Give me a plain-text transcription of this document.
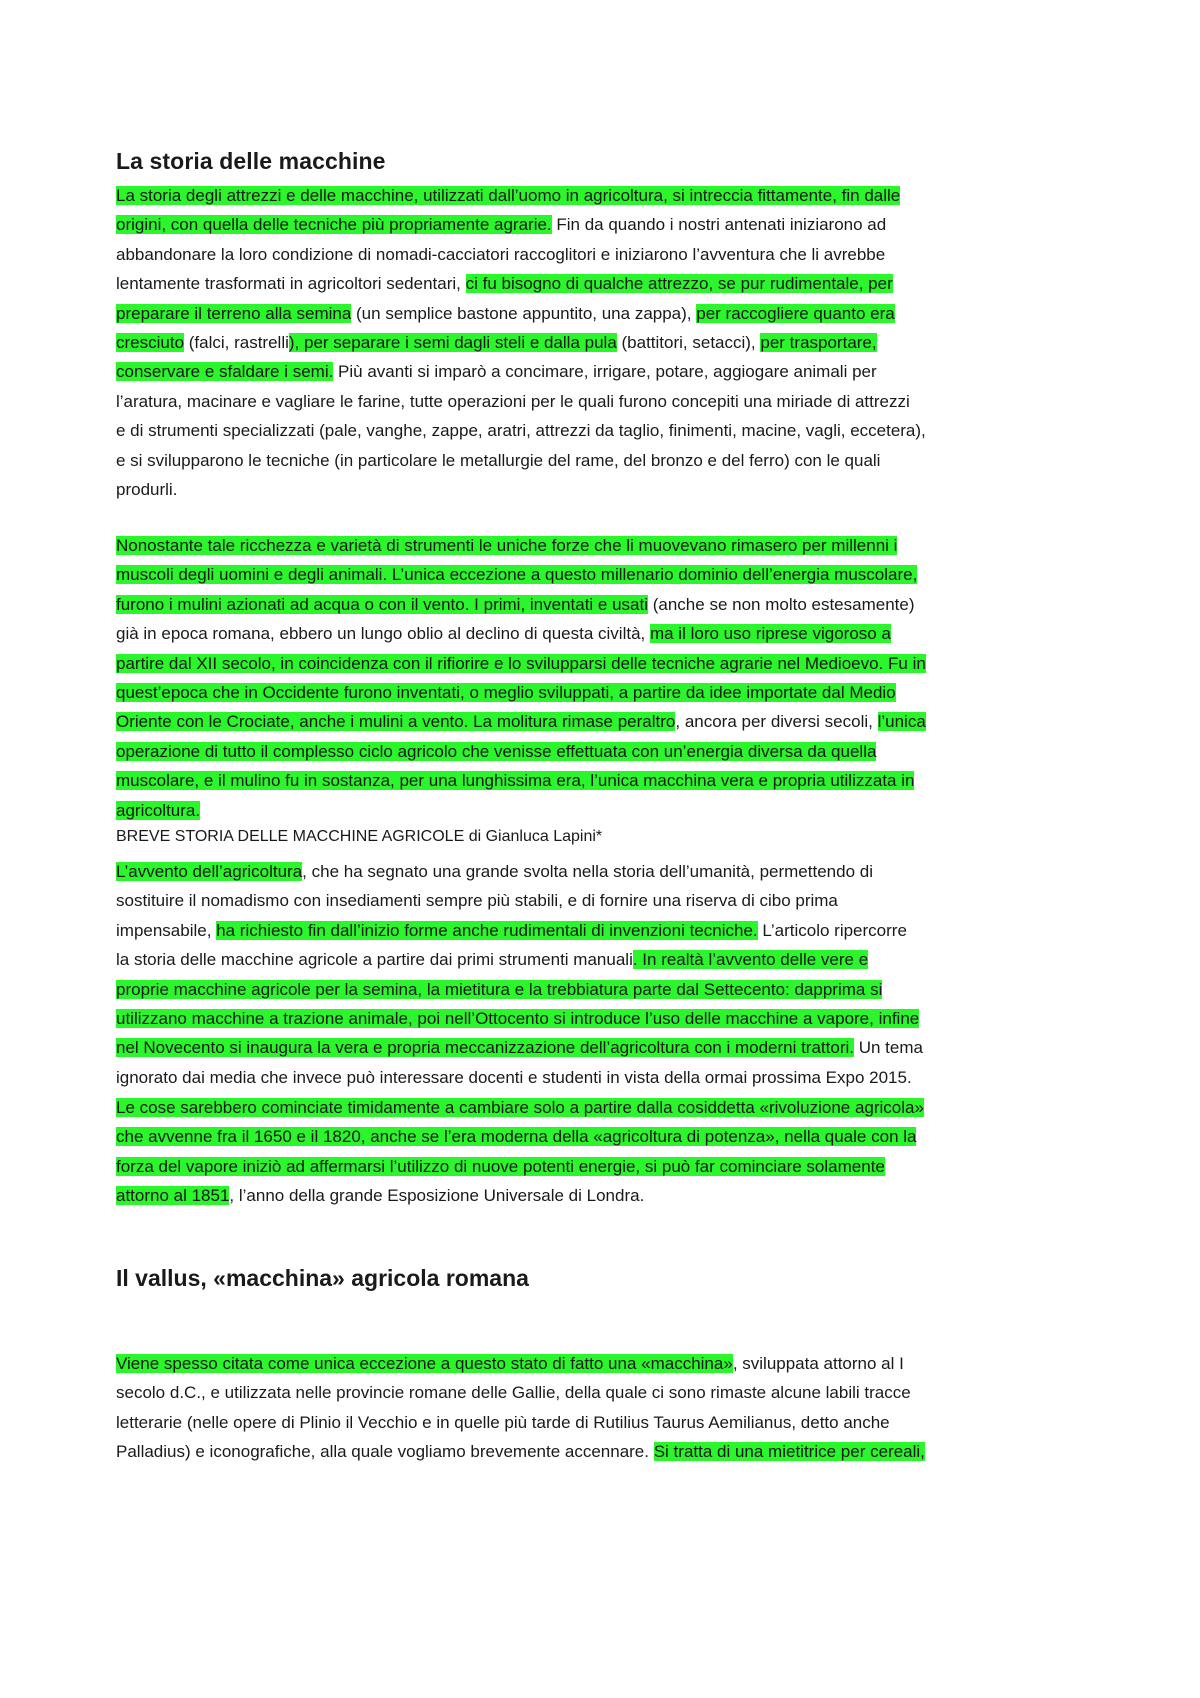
La storia delle macchine
La storia degli attrezzi e delle macchine, utilizzati dall’uomo in agricoltura, si intreccia fittamente, fin dalle
origini, con quella delle tecniche più propriamente agrarie. Fin da quando i nostri antenati iniziarono ad
abbandonare la loro condizione di nomadi-cacciatori raccoglitori e iniziarono l’avventura che li avrebbe
lentamente trasformati in agricoltori sedentari, ci fu bisogno di qualche attrezzo, se pur rudimentale, per
preparare il terreno alla semina (un semplice bastone appuntito, una zappa), per raccogliere quanto era
cresciuto (falci, rastrelli), per separare i semi dagli steli e dalla pula (battitori, setacci), per trasportare,
conservare e sfaldare i semi. Più avanti si imparò a concimare, irrigare, potare, aggiogare animali per
l’aratura, macinare e vagliare le farine, tutte operazioni per le quali furono concepiti una miriade di attrezzi
e di strumenti specializzati (pale, vanghe, zappe, aratri, attrezzi da taglio, finimenti, macine, vagli, eccetera),
e si svilupparono le tecniche (in particolare le metallurgie del rame, del bronzo e del ferro) con le quali
produrli.
Nonostante tale ricchezza e varietà di strumenti le uniche forze che li muovevano rimasero per millenni i
muscoli degli uomini e degli animali. L’unica eccezione a questo millenario dominio dell’energia muscolare,
furono i mulini azionati ad acqua o con il vento. I primi, inventati e usati (anche se non molto estesamente)
già in epoca romana, ebbero un lungo oblio al declino di questa civiltà, ma il loro uso riprese vigoroso a
partire dal XII secolo, in coincidenza con il rifiorire e lo svilupparsi delle tecniche agrarie nel Medioevo. Fu in
quest’epoca che in Occidente furono inventati, o meglio sviluppati, a partire da idee importate dal Medio
Oriente con le Crociate, anche i mulini a vento. La molitura rimase peraltro, ancora per diversi secoli, l’unica
operazione di tutto il complesso ciclo agricolo che venisse effettuata con un’energia diversa da quella
muscolare, e il mulino fu in sostanza, per una lunghissima era, l’unica macchina vera e propria utilizzata in
agricoltura.
BREVE STORIA DELLE MACCHINE AGRICOLE di Gianluca Lapini*
L’avvento dell’agricoltura, che ha segnato una grande svolta nella storia dell’umanità, permettendo di
sostituire il nomadismo con insediamenti sempre più stabili, e di fornire una riserva di cibo prima
impensabile, ha richiesto fin dall’inizio forme anche rudimentali di invenzioni tecniche. L’articolo ripercorre
la storia delle macchine agricole a partire dai primi strumenti manuali. In realtà l’avvento delle vere e
proprie macchine agricole per la semina, la mietitura e la trebbiatura parte dal Settecento: dapprima si
utilizzano macchine a trazione animale, poi nell’Ottocento si introduce l’uso delle macchine a vapore, infine
nel Novecento si inaugura la vera e propria meccanizzazione dell’agricoltura con i moderni trattori. Un tema
ignorato dai media che invece può interessare docenti e studenti in vista della ormai prossima Expo 2015.
Le cose sarebbero cominciate timidamente a cambiare solo a partire dalla cosiddetta «rivoluzione agricola»
che avvenne fra il 1650 e il 1820, anche se l’era moderna della «agricoltura di potenza», nella quale con la
forza del vapore iniziò ad affermarsi l’utilizzo di nuove potenti energie, si può far cominciare solamente
attorno al 1851, l’anno della grande Esposizione Universale di Londra.
Il vallus, «macchina» agricola romana
Viene spesso citata come unica eccezione a questo stato di fatto una «macchina», sviluppata attorno al I
secolo d.C., e utilizzata nelle provincie romane delle Gallie, della quale ci sono rimaste alcune labili tracce
letterarie (nelle opere di Plinio il Vecchio e in quelle più tarde di Rutilius Taurus Aemilianus, detto anche
Palladius) e iconografiche, alla quale vogliamo brevemente accennare. Si tratta di una mietitrice per cereali,
